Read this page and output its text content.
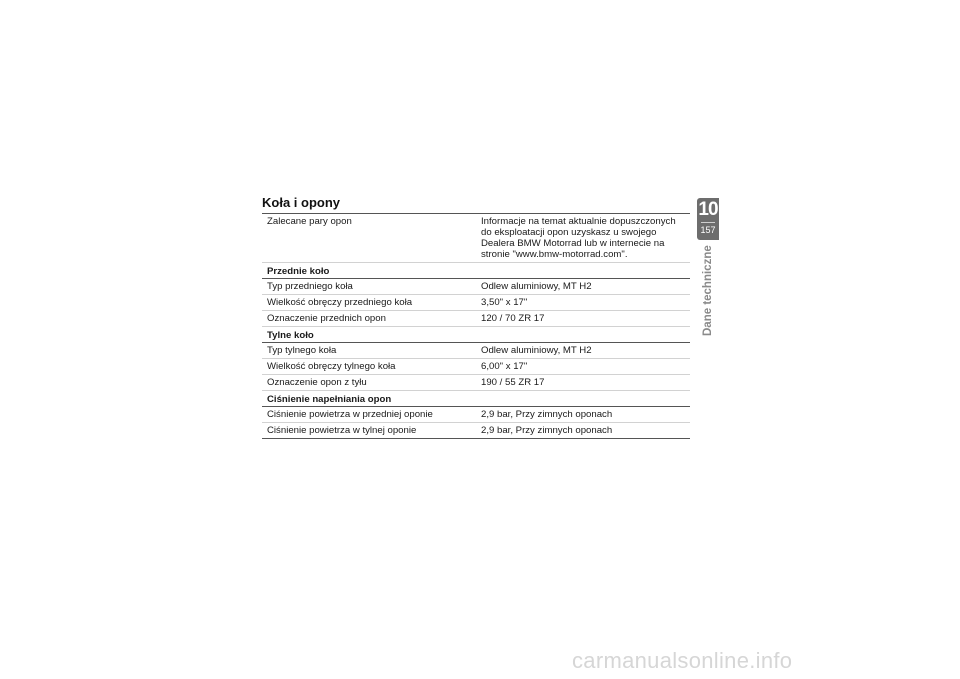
Koła i opony
Zalecane pary opon	Informacje na temat aktualnie dopuszczonych do eksploatacji opon uzyskasz u swojego Dealera BMW Motorrad lub w internecie na stronie "www.bmw-motorrad.com".
Przednie koło	
Typ przedniego koła	Odlew aluminiowy, MT H2
Wielkość obręczy przedniego koła	3,50" x 17"
Oznaczenie przednich opon	120 / 70 ZR 17
Tylne koło	
Typ tylnego koła	Odlew aluminiowy, MT H2
Wielkość obręczy tylnego koła	6,00" x 17"
Oznaczenie opon z tyłu	190 / 55 ZR 17
Ciśnienie napełniania opon	
Ciśnienie powietrza w przedniej oponie	2,9 bar, Przy zimnych oponach
Ciśnienie powietrza w tylnej oponie	2,9 bar, Przy zimnych oponach
10
157
Dane techniczne
carmanualsonline.info
